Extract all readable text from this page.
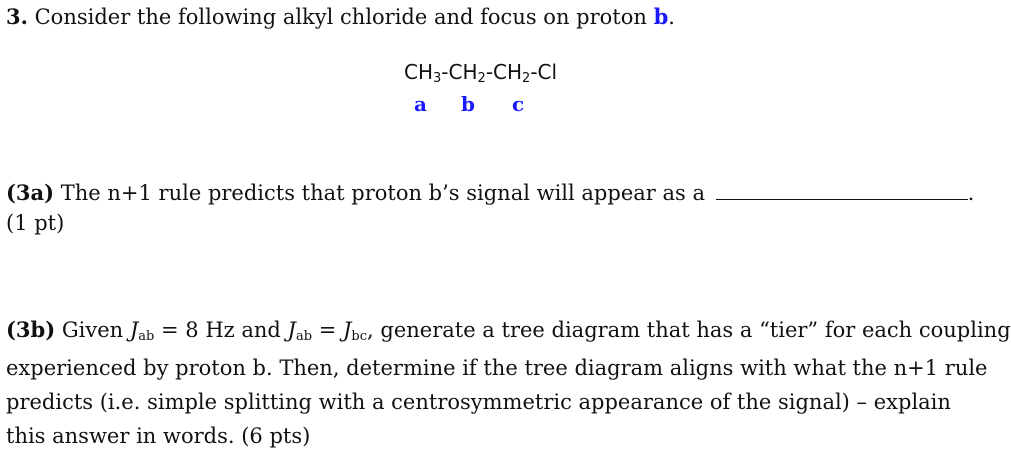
3. Consider the following alkyl chloride and focus on proton b.
$CH_3-CH_2-CH_2-Cl$
a b c
(3a) The n+1 rule predicts that proton b’s signal will appear as a	.
(1 pt)
(3b) Given Jab = 8 Hz and Jab = Jbc, generate a tree diagram that has a “tier” for each coupling
experienced by proton b. Then, determine if the tree diagram aligns with what the n+1 rule
predicts (i.e. simple splitting with a centrosymmetric appearance of the signal) – explain
this answer in words. (6 pts)
